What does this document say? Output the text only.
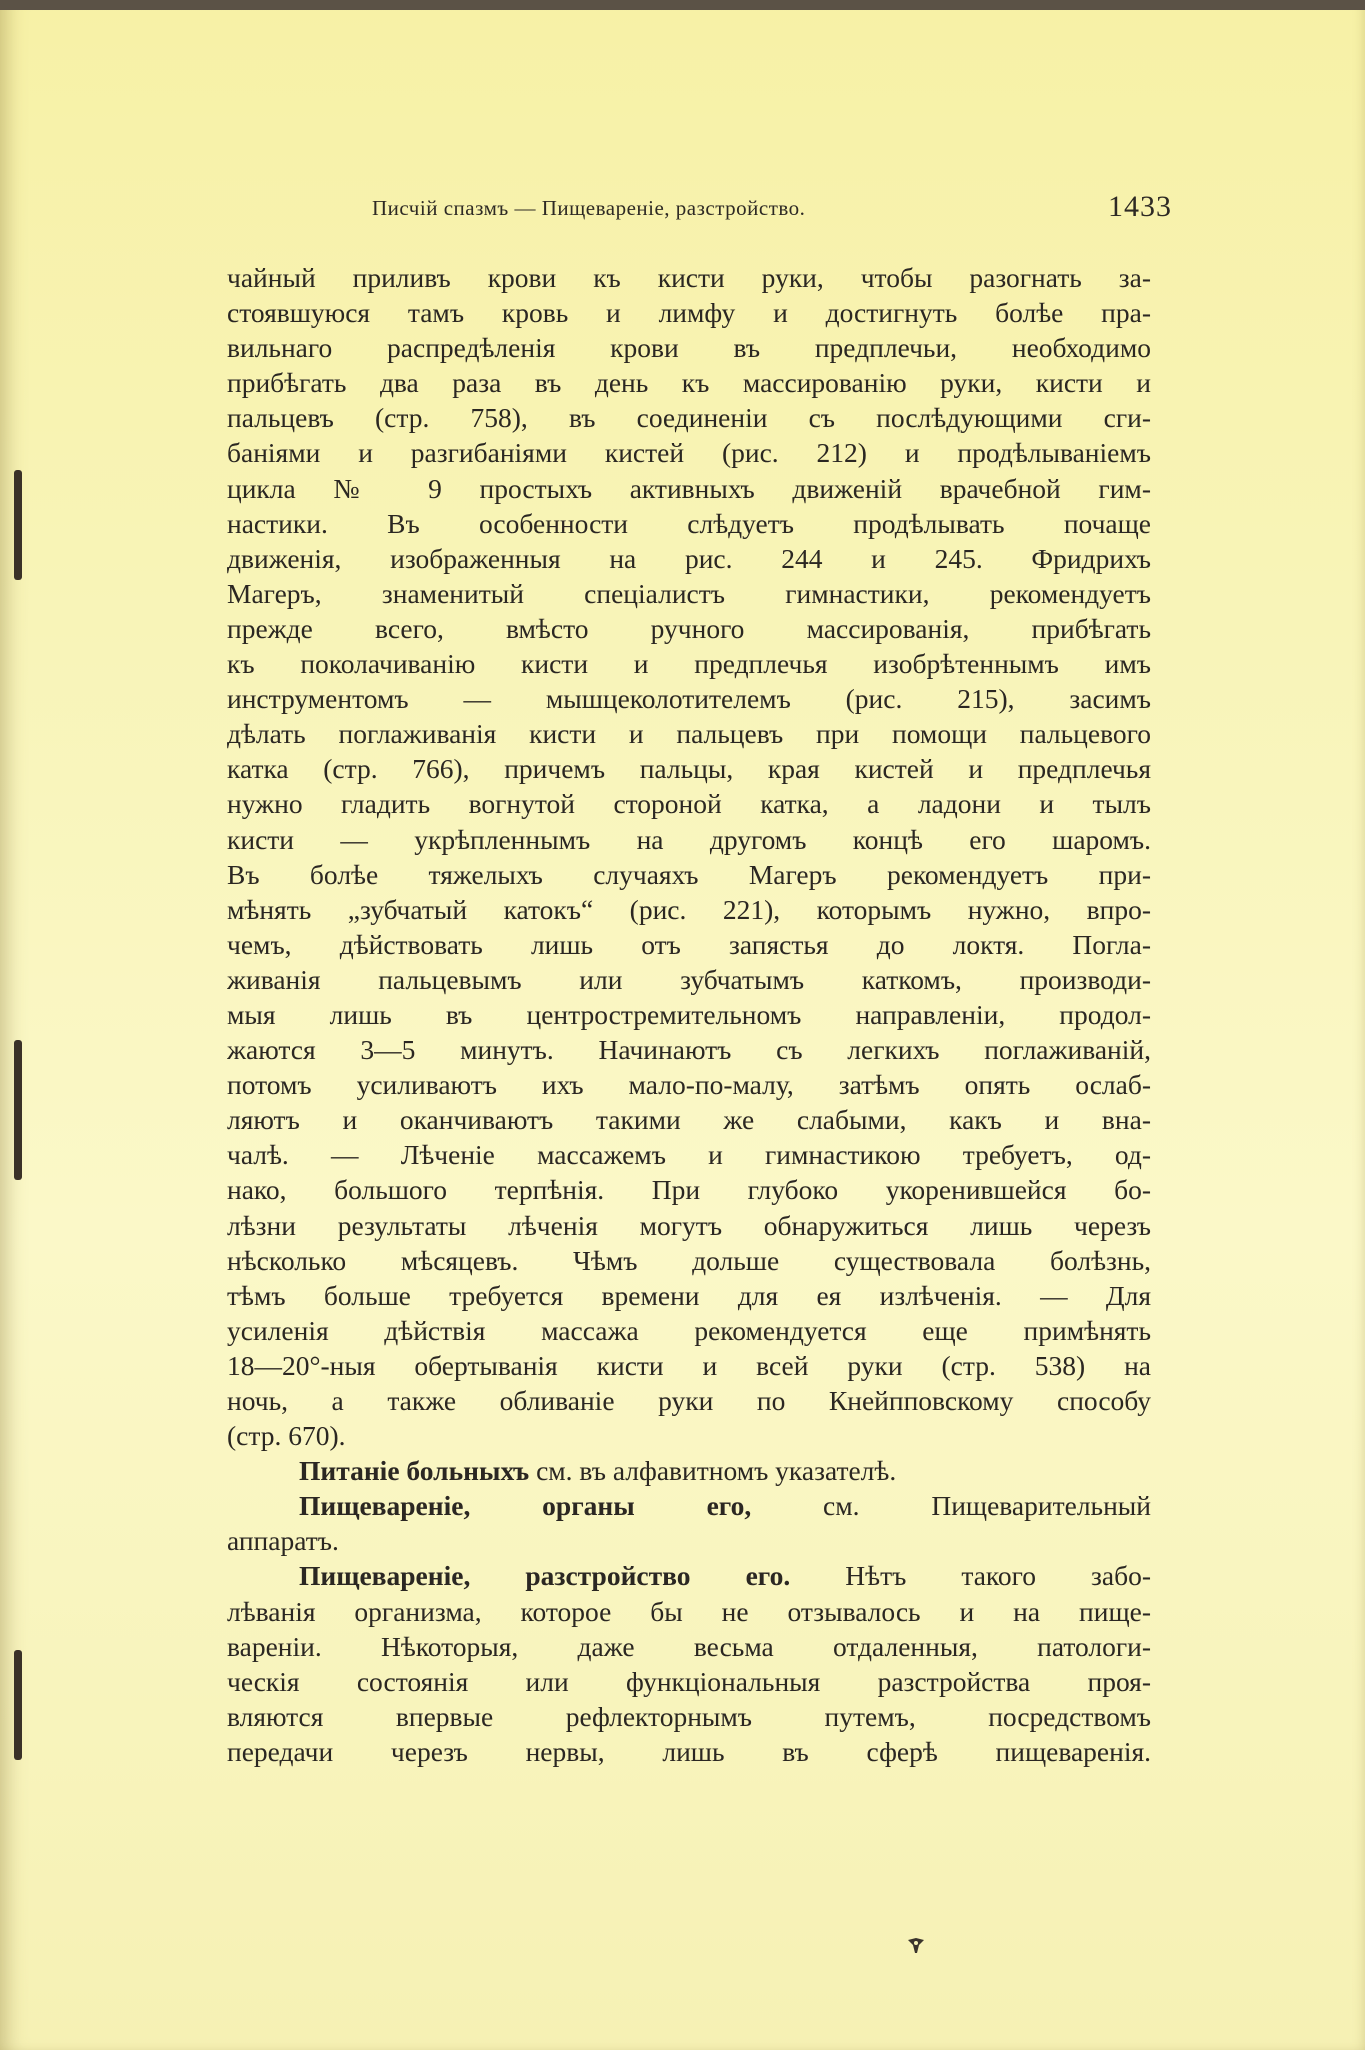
Писчій спазмъ — Пищевареніе, разстройство.	1433
чайный приливъ крови къ кисти руки, чтобы разогнать за-
стоявшуюся тамъ кровь и лимфу и достигнуть болѣе пра-
вильнаго распредѣленія крови въ предплечьи, необходимо
прибѣгать два раза въ день къ массированію руки, кисти и
пальцевъ (стр. 758), въ соединеніи съ послѣдующими сги-
баніями и разгибаніями кистей (рис. 212) и продѣлываніемъ
цикла № 9 простыхъ активныхъ движеній врачебной гим-
настики. Въ особенности слѣдуетъ продѣлывать почаще
движенія, изображенныя на рис. 244 и 245. Фридрихъ
Магеръ, знаменитый спеціалистъ гимнастики, рекомендуетъ
прежде всего, вмѣсто ручного массированія, прибѣгать
къ поколачиванію кисти и предплечья изобрѣтеннымъ имъ
инструментомъ — мышцеколотителемъ (рис. 215), засимъ
дѣлать поглаживанія кисти и пальцевъ при помощи пальцевого
катка (стр. 766), причемъ пальцы, края кистей и предплечья
нужно гладить вогнутой стороной катка, а ладони и тылъ
кисти — укрѣпленнымъ на другомъ концѣ его шаромъ.
Въ болѣе тяжелыхъ случаяхъ Магеръ рекомендуетъ при-
мѣнять „зубчатый катокъ“ (рис. 221), которымъ нужно, впро-
чемъ, дѣйствовать лишь отъ запястья до локтя. Погла-
живанія пальцевымъ или зубчатымъ каткомъ, производи-
мыя лишь въ центростремительномъ направленіи, продол-
жаются 3—5 минутъ. Начинаютъ съ легкихъ поглаживаній,
потомъ усиливаютъ ихъ мало-по-малу, затѣмъ опять ослаб-
ляютъ и оканчиваютъ такими же слабыми, какъ и вна-
чалѣ. — Лѣченіе массажемъ и гимнастикою требуетъ, од-
нако, большого терпѣнія. При глубоко укоренившейся бо-
лѣзни результаты лѣченія могутъ обнаружиться лишь черезъ
нѣсколько мѣсяцевъ. Чѣмъ дольше существовала болѣзнь,
тѣмъ больше требуется времени для ея излѣченія. — Для
усиленія дѣйствія массажа рекомендуется еще примѣнять
18—20°-ныя обертыванія кисти и всей руки (стр. 538) на
ночь, а также обливаніе руки по Кнейпповскому способу
(стр. 670).
Питаніе больныхъ см. въ алфавитномъ указателѣ.
Пищевареніе, органы его,	см. Пищеварительный
аппаратъ.
Пищевареніе, разстройство его. Нѣтъ такого забо-
лѣванія организма, которое бы не отзывалось и на пище-
вареніи. Нѣкоторыя, даже весьма отдаленныя, патологи-
ческія состоянія или функціональныя разстройства проя-
вляются впервые рефлекторнымъ путемъ, посредствомъ
передачи черезъ нервы, лишь въ сферѣ пищеваренія.
